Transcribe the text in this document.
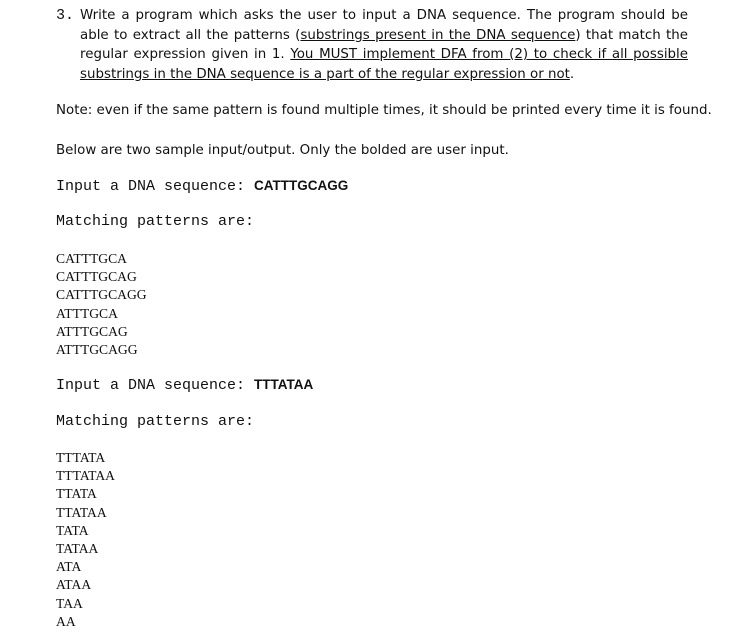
3. Write a program which asks the user to input a DNA sequence. The program should be able to extract all the patterns (substrings present in the DNA sequence) that match the regular expression given in 1. You MUST implement DFA from (2) to check if all possible substrings in the DNA sequence is a part of the regular expression or not.
Note: even if the same pattern is found multiple times, it should be printed every time it is found.
Below are two sample input/output. Only the bolded are user input.
Input a DNA sequence: CATTTGCAGG
Matching patterns are:
CATTTGCA
CATTTGCAG
CATTTGCAGG
ATTTGCA
ATTTGCAG
ATTTGCAGG
Input a DNA sequence: TTTATAA
Matching patterns are:
TTTATA
TTTATAA
TTATA
TTATAA
TATA
TATAA
ATA
ATAA
TAA
AA
